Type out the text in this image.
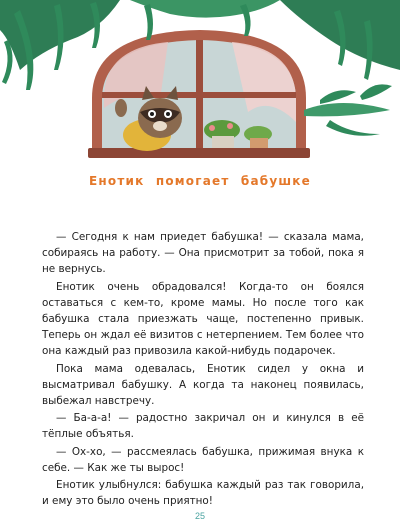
Енотик помогает бабушке

— Сегодня к нам приедет бабушка! — сказала мама, собираясь на работу. — Она присмотрит за тобой, пока я не вернусь.

Енотик очень обрадовался! Когда-то он боялся оставаться с кем-то, кроме мамы. Но после того как бабушка стала приезжать чаще, постепенно привык. Теперь он ждал её визитов с нетерпением. Тем более что она каждый раз привозила какой-нибудь подарочек.

Пока мама одевалась, Енотик сидел у окна и высматривал бабушку. А когда та наконец появилась, выбежал навстречу.

— Ба-а-а! — радостно закричал он и кинулся в её тёплые объятья.

— Ох-хо, — рассмеялась бабушка, прижимая внука к себе. — Как же ты вырос!

Енотик улыбнулся: бабушка каждый раз так говорила, и ему это было очень приятно!

25
